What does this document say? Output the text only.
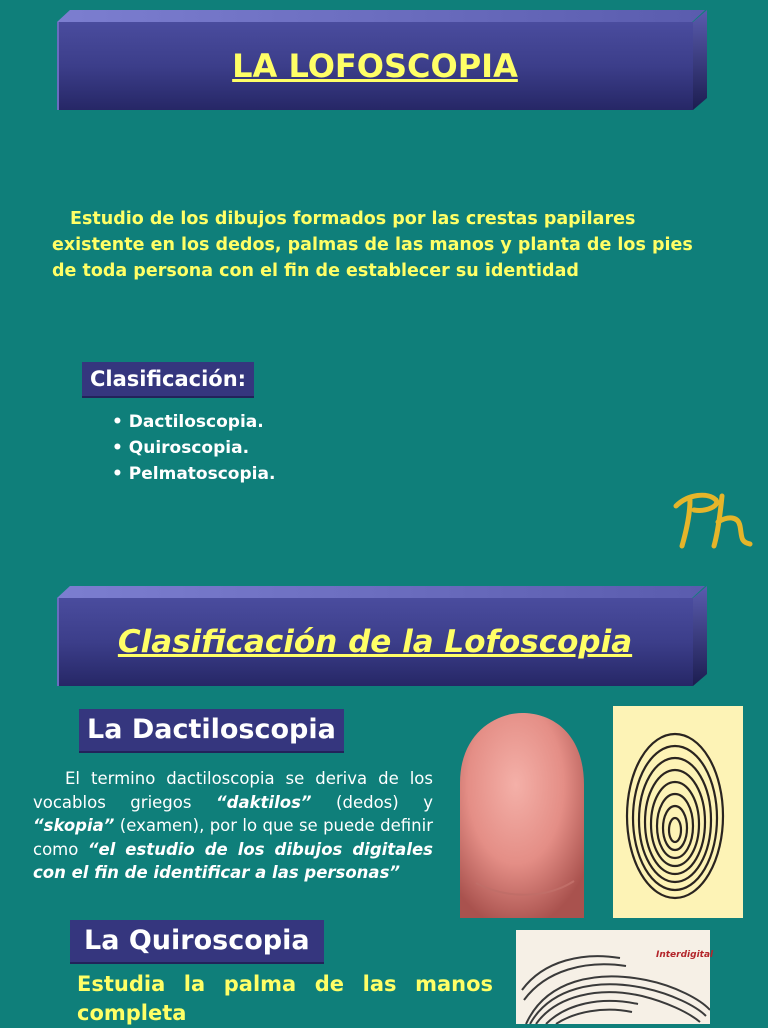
LA LOFOSCOPIA
Estudio de los dibujos formados por las crestas papilares existente en los dedos, palmas de las manos y planta de los pies de toda persona con el fin de establecer su identidad
Clasificación:
• Dactiloscopia.
• Quiroscopia.
• Pelmatoscopia.
Clasificación de la Lofoscopia
La Dactiloscopia
El termino dactiloscopia se deriva de los vocablos griegos “daktilos” (dedos) y “skopia” (examen), por lo que se puede definir como “el estudio de los dibujos digitales con el fin de identificar a las personas”
La Quiroscopia
Estudia la palma de las manos completa
Interdigital
